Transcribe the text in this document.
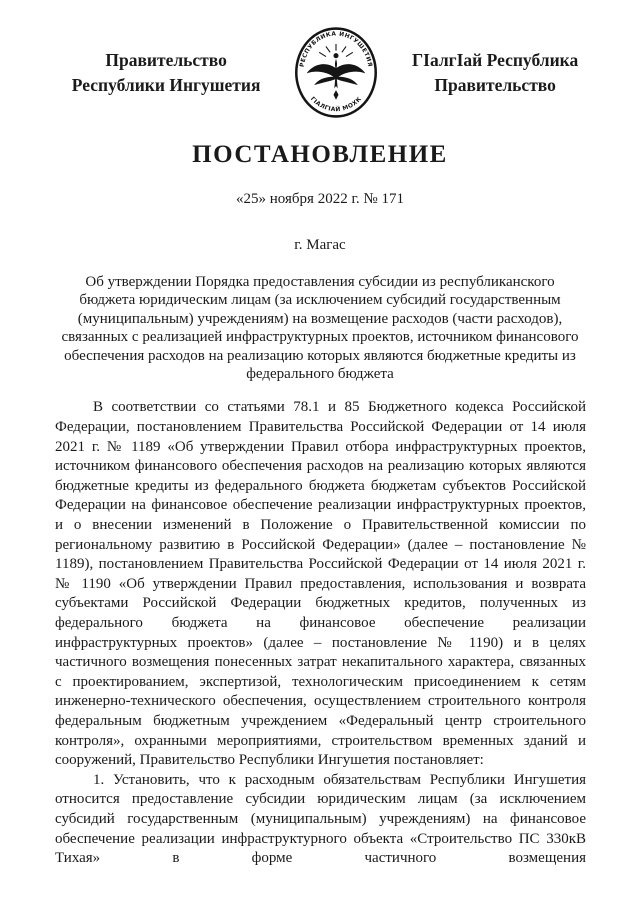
Правительство
Республики Ингушетия
РЕСПУБЛИКА ИНГУШЕТИЯ
ГIАЛГIАЙ МОХК
ГIалгIай Республика
Правительство
ПОСТАНОВЛЕНИЕ
«25» ноября 2022 г. № 171
г. Магас
Об утверждении Порядка предоставления субсидии из республиканского бюджета юридическим лицам (за исключением субсидий государственным (муниципальным) учреждениям) на возмещение расходов (части расходов), связанных с реализацией инфраструктурных проектов, источником финансового обеспечения расходов на реализацию которых являются бюджетные кредиты из федерального бюджета

В соответствии со статьями 78.1 и 85 Бюджетного кодекса Российской Федерации, постановлением Правительства Российской Федерации от 14 июля 2021 г. № 1189 «Об утверждении Правил отбора инфраструктурных проектов, источником финансового обеспечения расходов на реализацию которых являются бюджетные кредиты из федерального бюджета бюджетам субъектов Российской Федерации на финансовое обеспечение реализации инфраструктурных проектов, и о внесении изменений в Положение о Правительственной комиссии по региональному развитию в Российской Федерации» (далее – постановление № 1189), постановлением Правительства Российской Федерации от 14 июля 2021 г. № 1190 «Об утверждении Правил предоставления, использования и возврата субъектами Российской Федерации бюджетных кредитов, полученных из федерального бюджета на финансовое обеспечение реализации инфраструктурных проектов» (далее – постановление № 1190) и в целях частичного возмещения понесенных затрат некапитального характера, связанных с проектированием, экспертизой, технологическим присоединением к сетям инженерно-технического обеспечения, осуществлением строительного контроля федеральным бюджетным учреждением «Федеральный центр строительного контроля», охранными мероприятиями, строительством временных зданий и сооружений, Правительство Республики Ингушетия постановляет:

1. Установить, что к расходным обязательствам Республики Ингушетия относится предоставление субсидии юридическим лицам (за исключением субсидий государственным (муниципальным) учреждениям) на финансовое обеспечение реализации инфраструктурного объекта «Строительство ПС 330кВ Тихая» в форме частичного возмещения
